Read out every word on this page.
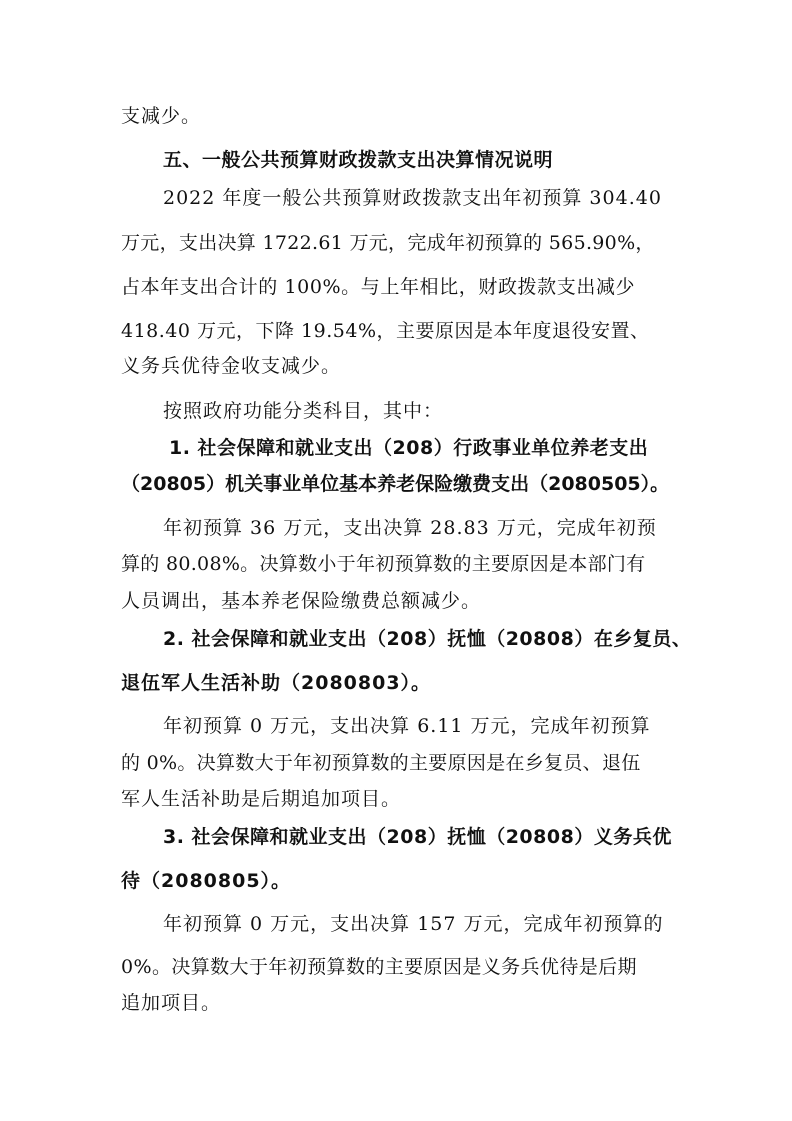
支减少。
五、一般公共预算财政拨款支出决算情况说明
2022 年度一般公共预算财政拨款支出年初预算 304.40
万元，支出决算 1722.61 万元，完成年初预算的 565.90%，
占本年支出合计的 100%。与上年相比，财政拨款支出减少
418.40 万元，下降 19.54%，主要原因是本年度退役安置、
义务兵优待金收支减少。
按照政府功能分类科目，其中：
1. 社会保障和就业支出（208）行政事业单位养老支出
（20805）机关事业单位基本养老保险缴费支出（2080505）。
年初预算 36 万元，支出决算 28.83 万元，完成年初预
算的 80.08%。决算数小于年初预算数的主要原因是本部门有
人员调出，基本养老保险缴费总额减少。
2. 社会保障和就业支出（208）抚恤（20808）在乡复员、
退伍军人生活补助（2080803）。
年初预算 0 万元，支出决算 6.11 万元，完成年初预算
的 0%。决算数大于年初预算数的主要原因是在乡复员、退伍
军人生活补助是后期追加项目。
3. 社会保障和就业支出（208）抚恤（20808）义务兵优
待（2080805）。
年初预算 0 万元，支出决算 157 万元，完成年初预算的
0%。决算数大于年初预算数的主要原因是义务兵优待是后期
追加项目。
